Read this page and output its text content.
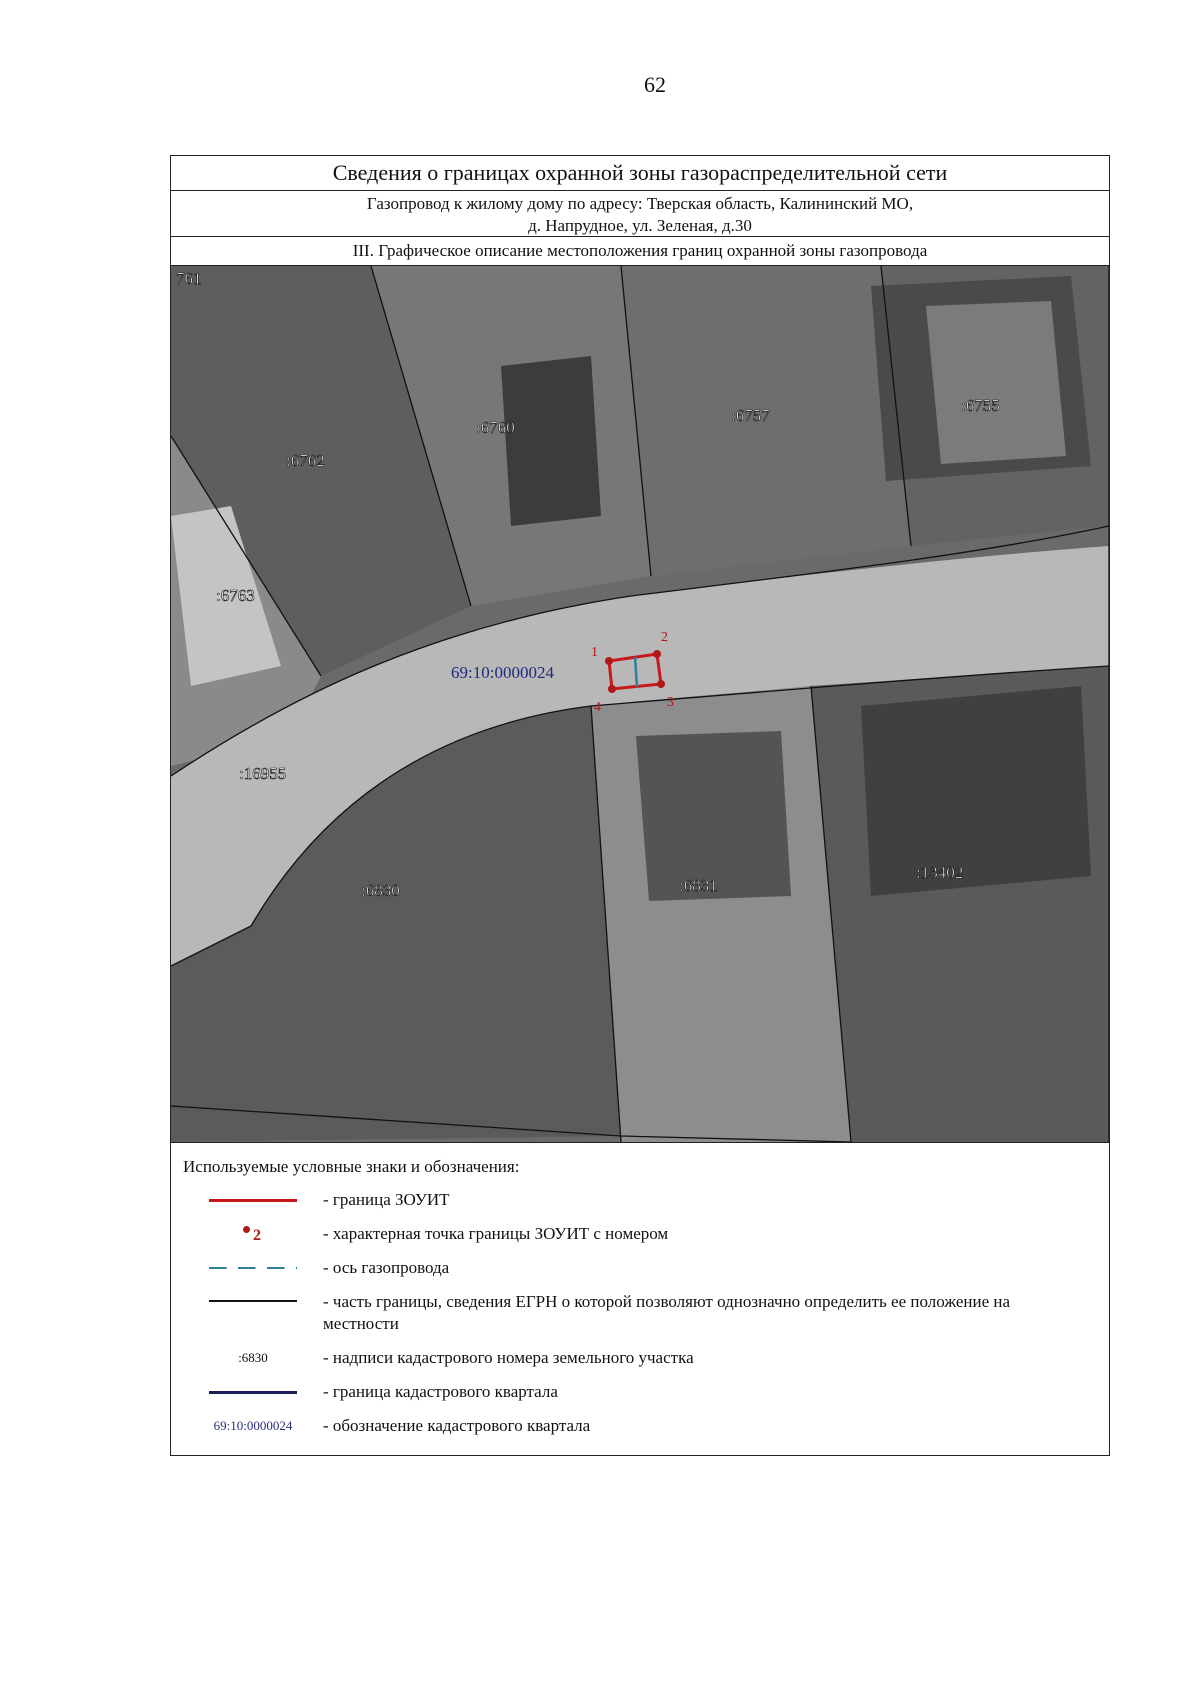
62
Сведения о границах охранной зоны газораспределительной сети
Газопровод к жилому дому по адресу: Тверская область, Калининский МО,
д. Напрудное, ул. Зеленая, д.30
III. Графическое описание местоположения границ охранной зоны газопровода
69:10:0000024
1
2
3
4
761
:6762
:6760
:6757
:6755
:6763
:16955
:6830	:6831
:13402
Используемые условные знаки и обозначения:
- граница ЗОУИТ
2	- характерная точка границы ЗОУИТ с номером
- ось газопровода
- часть границы, сведения ЕГРН о которой позволяют однозначно определить ее положение на местности
:6830	- надписи кадастрового номера земельного участка
- граница кадастрового квартала
69:10:0000024 - обозначение кадастрового квартала
